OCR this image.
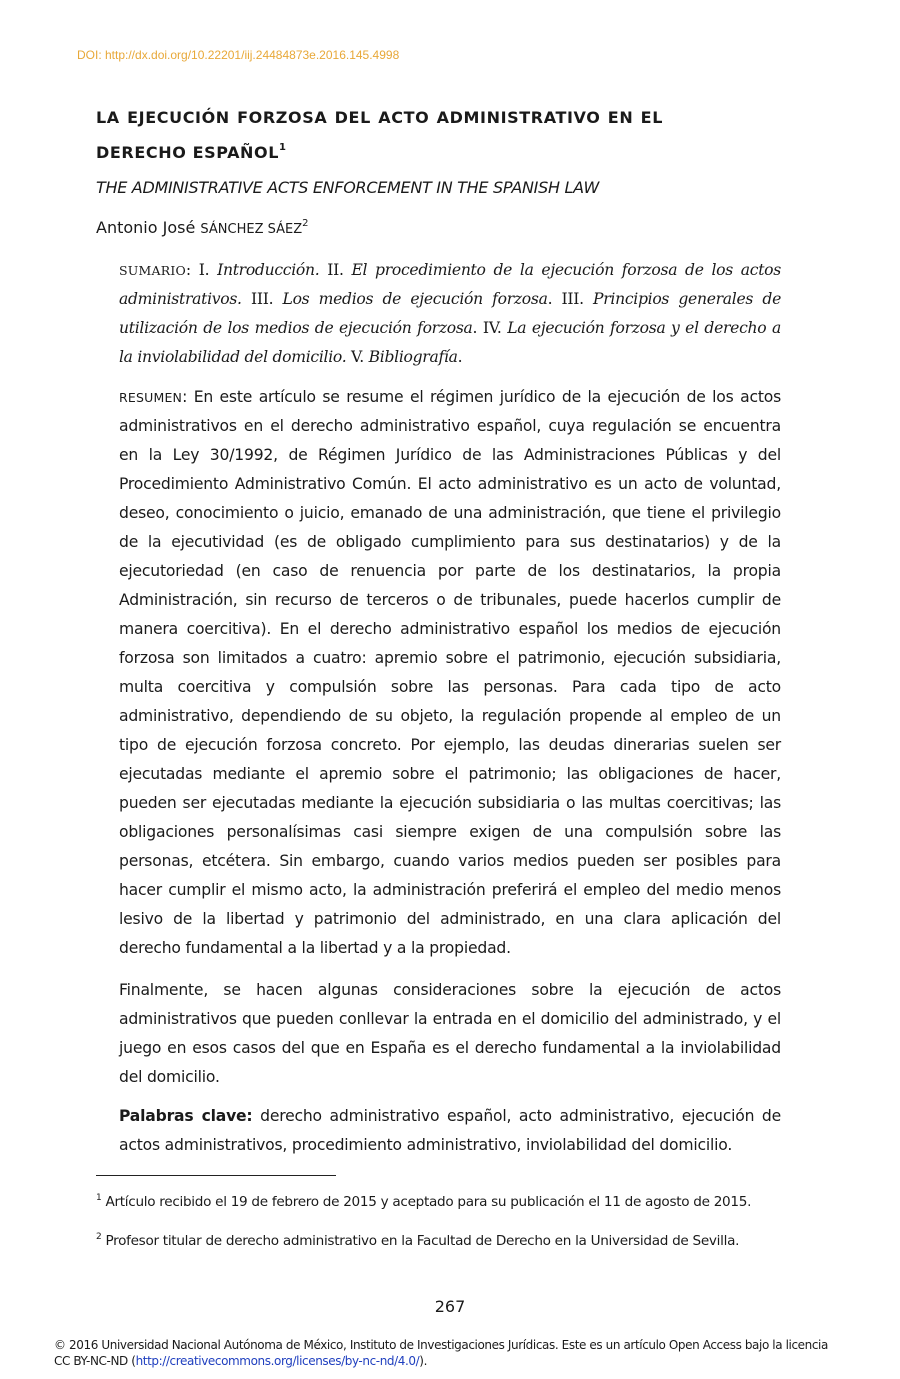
DOI: http://dx.doi.org/10.22201/iij.24484873e.2016.145.4998
LA EJECUCIÓN FORZOSA DEL ACTO ADMINISTRATIVO EN EL DERECHO ESPAÑOL$^1$

THE ADMINISTRATIVE ACTS ENFORCEMENT IN THE SPANISH LAW

Antonio José SÁNCHEZ SÁEZ$^2$

SUMARIO: I. Introducción. II. El procedimiento de la ejecución forzosa de los actos administrativos. III. Los medios de ejecución forzosa. III. Principios generales de utilización de los medios de ejecución forzosa. IV. La ejecución forzosa y el derecho a la inviolabilidad del domicilio. V. Bibliografía.

RESUMEN: En este artículo se resume el régimen jurídico de la ejecución de los actos administrativos en el derecho administrativo español, cuya regulación se encuentra en la Ley 30/1992, de Régimen Jurídico de las Administraciones Públicas y del Procedimiento Administrativo Común. El acto administrativo es un acto de voluntad, deseo, conocimiento o juicio, emanado de una administración, que tiene el privilegio de la ejecutividad (es de obligado cumplimiento para sus destinatarios) y de la ejecutoriedad (en caso de renuencia por parte de los destinatarios, la propia Administración, sin recurso de terceros o de tribunales, puede hacerlos cumplir de manera coercitiva). En el derecho administrativo español los medios de ejecución forzosa son limitados a cuatro: apremio sobre el patrimonio, ejecución subsidiaria, multa coercitiva y compulsión sobre las personas. Para cada tipo de acto administrativo, dependiendo de su objeto, la regulación propende al empleo de un tipo de ejecución forzosa concreto. Por ejemplo, las deudas dinerarias suelen ser ejecutadas mediante el apremio sobre el patrimonio; las obligaciones de hacer, pueden ser ejecutadas mediante la ejecución subsidiaria o las multas coercitivas; las obligaciones personalísimas casi siempre exigen de una compulsión sobre las personas, etcétera. Sin embargo, cuando varios medios pueden ser posibles para hacer cumplir el mismo acto, la administración preferirá el empleo del medio menos lesivo de la libertad y patrimonio del administrado, en una clara aplicación del derecho fundamental a la libertad y a la propiedad.

Finalmente, se hacen algunas consideraciones sobre la ejecución de actos administrativos que pueden conllevar la entrada en el domicilio del administrado, y el juego en esos casos del que en España es el derecho fundamental a la inviolabilidad del domicilio.

Palabras clave: derecho administrativo español, acto administrativo, ejecución de actos administrativos, procedimiento administrativo, inviolabilidad del domicilio.

$^1$ Artículo recibido el 19 de febrero de 2015 y aceptado para su publicación el 11 de agosto de 2015.

$^2$ Profesor titular de derecho administrativo en la Facultad de Derecho en la Universidad de Sevilla.

267

© 2016 Universidad Nacional Autónoma de México, Instituto de Investigaciones Jurídicas. Este es un artículo Open Access bajo la licencia CC BY-NC-ND (http://creativecommons.org/licenses/by-nc-nd/4.0/).
